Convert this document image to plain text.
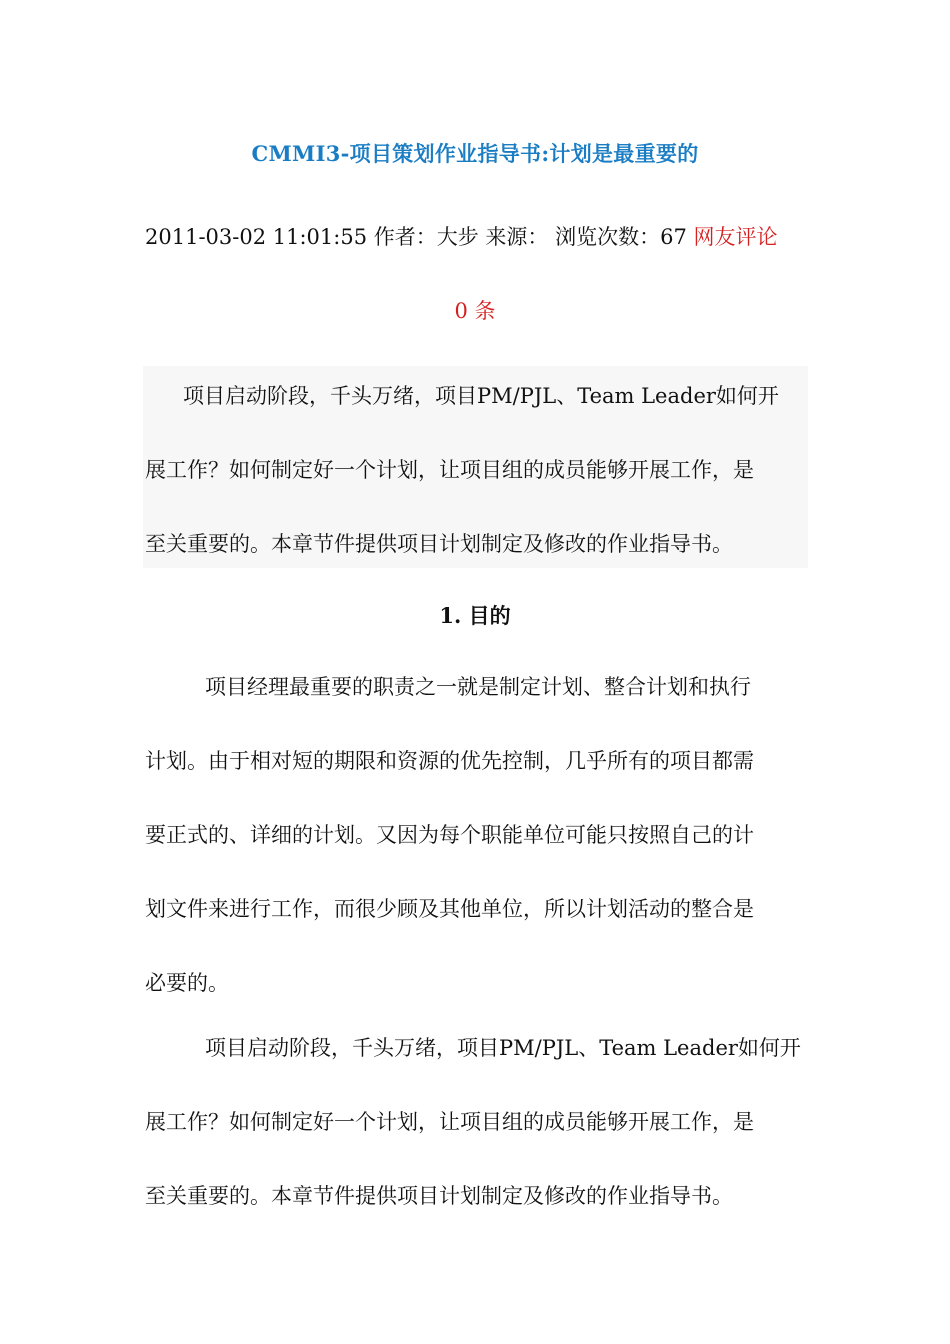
CMMI3-项目策划作业指导书:计划是最重要的
2011-03-02 11:01:55 作者：大步 来源： 浏览次数：67 网友评论
0 条
项目启动阶段，千头万绪，项目PM/PJL、Team Leader如何开
展工作？如何制定好一个计划，让项目组的成员能够开展工作，是
至关重要的。本章节件提供项目计划制定及修改的作业指导书。
1. 目的
项目经理最重要的职责之一就是制定计划、整合计划和执行
计划。由于相对短的期限和资源的优先控制，几乎所有的项目都需
要正式的、详细的计划。又因为每个职能单位可能只按照自己的计
划文件来进行工作，而很少顾及其他单位，所以计划活动的整合是
必要的。
项目启动阶段，千头万绪，项目PM/PJL、Team Leader如何开
展工作？如何制定好一个计划，让项目组的成员能够开展工作，是
至关重要的。本章节件提供项目计划制定及修改的作业指导书。
